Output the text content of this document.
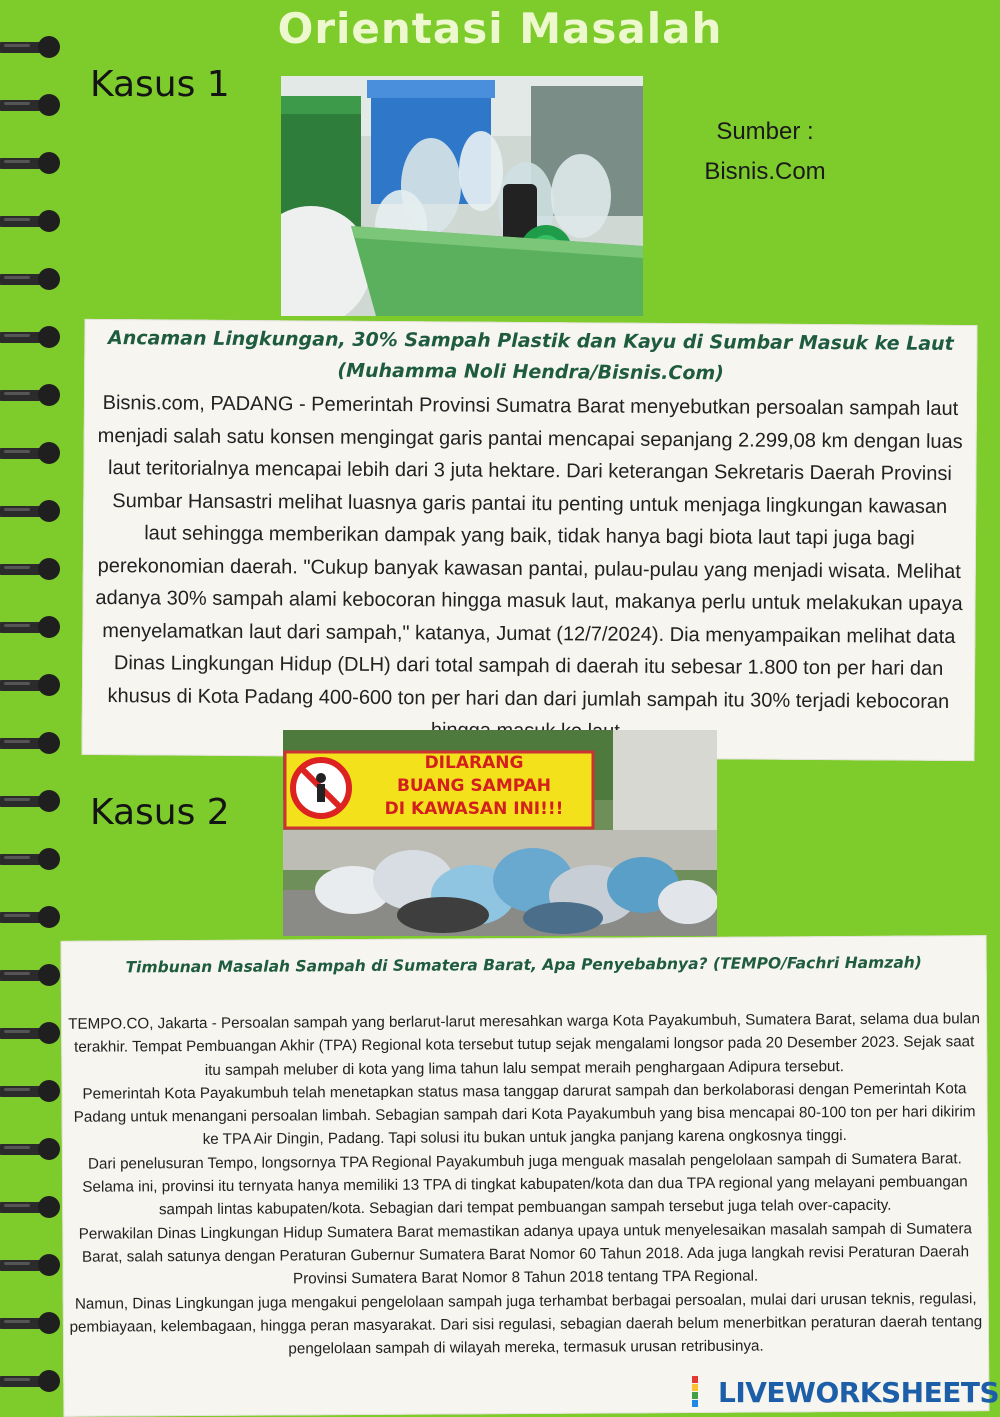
Orientasi Masalah
Kasus 1
Sumber :
Bisnis.Com
Ancaman Lingkungan, 30% Sampah Plastik dan Kayu di Sumbar Masuk ke Laut
(Muhamma Noli Hendra/Bisnis.Com)
Bisnis.com, PADANG - Pemerintah Provinsi Sumatra Barat menyebutkan persoalan sampah laut menjadi salah satu konsen mengingat garis pantai mencapai sepanjang 2.299,08 km dengan luas laut teritorialnya mencapai lebih dari 3 juta hektare. Dari keterangan Sekretaris Daerah Provinsi Sumbar Hansastri melihat luasnya garis pantai itu penting untuk menjaga lingkungan kawasan laut sehingga memberikan dampak yang baik, tidak hanya bagi biota laut tapi juga bagi perekonomian daerah. "Cukup banyak kawasan pantai, pulau-pulau yang menjadi wisata. Melihat adanya 30% sampah alami kebocoran hingga masuk laut, makanya perlu untuk melakukan upaya menyelamatkan laut dari sampah," katanya, Jumat (12/7/2024). Dia menyampaikan melihat data Dinas Lingkungan Hidup (DLH) dari total sampah di daerah itu sebesar 1.800 ton per hari dan khusus di Kota Padang 400-600 ton per hari dan dari jumlah sampah itu 30% terjadi kebocoran
DILARANG
BUANG SAMPAH
DI KAWASAN INI!!!
Kasus 2
Timbunan Masalah Sampah di Sumatera Barat, Apa Penyebabnya? (TEMPO/Fachri Hamzah)

TEMPO.CO, Jakarta - Persoalan sampah yang berlarut-larut meresahkan warga Kota Payakumbuh, Sumatera Barat, selama dua bulan terakhir. Tempat Pembuangan Akhir (TPA) Regional kota tersebut tutup sejak mengalami longsor pada 20 Desember 2023. Sejak saat itu sampah meluber di kota yang lima tahun lalu sempat meraih penghargaan Adipura tersebut.

Pemerintah Kota Payakumbuh telah menetapkan status masa tanggap darurat sampah dan berkolaborasi dengan Pemerintah Kota Padang untuk menangani persoalan limbah. Sebagian sampah dari Kota Payakumbuh yang bisa mencapai 80-100 ton per hari dikirim ke TPA Air Dingin, Padang. Tapi solusi itu bukan untuk jangka panjang karena ongkosnya tinggi.

Dari penelusuran Tempo, longsornya TPA Regional Payakumbuh juga menguak masalah pengelolaan sampah di Sumatera Barat. Selama ini, provinsi itu ternyata hanya memiliki 13 TPA di tingkat kabupaten/kota dan dua TPA regional yang melayani pembuangan sampah lintas kabupaten/kota. Sebagian dari tempat pembuangan sampah tersebut juga telah over-capacity.

Perwakilan Dinas Lingkungan Hidup Sumatera Barat memastikan adanya upaya untuk menyelesaikan masalah sampah di Sumatera Barat, salah satunya dengan Peraturan Gubernur Sumatera Barat Nomor 60 Tahun 2018. Ada juga langkah revisi Peraturan Daerah Provinsi Sumatera Barat Nomor 8 Tahun 2018 tentang TPA Regional.

Namun, Dinas Lingkungan juga mengakui pengelolaan sampah juga terhambat berbagai persoalan, mulai dari urusan teknis, regulasi, pembiayaan, kelembagaan, hingga peran masyarakat. Dari sisi regulasi, sebagian daerah belum menerbitkan peraturan daerah tentang pengelolaan sampah di wilayah mereka, termasuk urusan retribusinya.

LIVEWORKSHEETS
